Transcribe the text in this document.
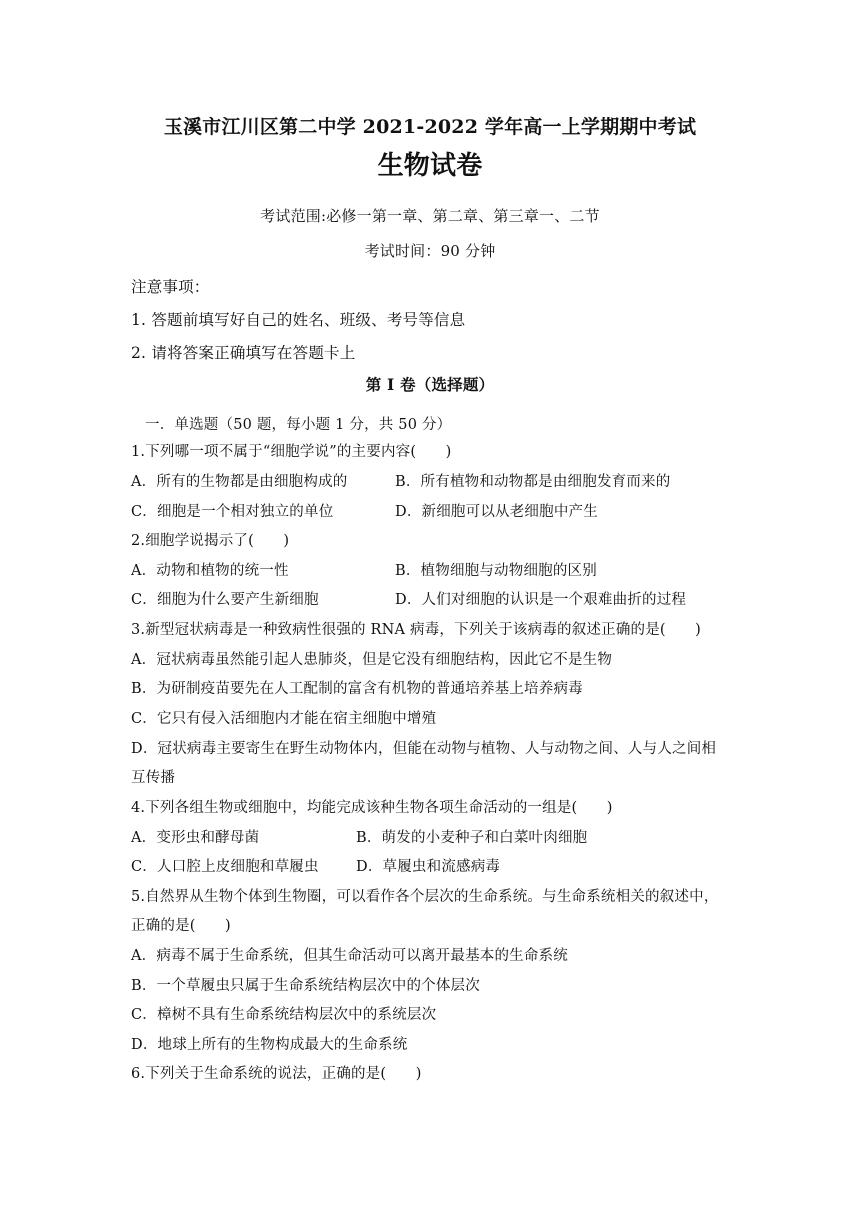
玉溪市江川区第二中学 2021-2022 学年高一上学期期中考试
生物试卷
考试范围:必修一第一章、第二章、第三章一、二节
考试时间：90 分钟
注意事项：
1. 答题前填写好自己的姓名、班级、考号等信息
2. 请将答案正确填写在答题卡上
第 I 卷（选择题）
一．单选题（50 题，每小题 1 分，共 50 分）
1.下列哪一项不属于“细胞学说”的主要内容(　　)
A．所有的生物都是由细胞构成的	B．所有植物和动物都是由细胞发育而来的
C．细胞是一个相对独立的单位	D．新细胞可以从老细胞中产生
2.细胞学说揭示了(　　)
A．动物和植物的统一性	B．植物细胞与动物细胞的区别
C．细胞为什么要产生新细胞	D．人们对细胞的认识是一个艰难曲折的过程
3.新型冠状病毒是一种致病性很强的 RNA 病毒，下列关于该病毒的叙述正确的是(　　)
A．冠状病毒虽然能引起人患肺炎，但是它没有细胞结构，因此它不是生物
B．为研制疫苗要先在人工配制的富含有机物的普通培养基上培养病毒
C．它只有侵入活细胞内才能在宿主细胞中增殖
D．冠状病毒主要寄生在野生动物体内，但能在动物与植物、人与动物之间、人与人之间相
互传播
4.下列各组生物或细胞中，均能完成该种生物各项生命活动的一组是(　　)
A．变形虫和酵母菌	B．萌发的小麦种子和白菜叶肉细胞
C．人口腔上皮细胞和草履虫	D．草履虫和流感病毒
5.自然界从生物个体到生物圈，可以看作各个层次的生命系统。与生命系统相关的叙述中，
正确的是(　　)
A．病毒不属于生命系统，但其生命活动可以离开最基本的生命系统
B．一个草履虫只属于生命系统结构层次中的个体层次
C．樟树不具有生命系统结构层次中的系统层次
D．地球上所有的生物构成最大的生命系统
6.下列关于生命系统的说法，正确的是(　　)
